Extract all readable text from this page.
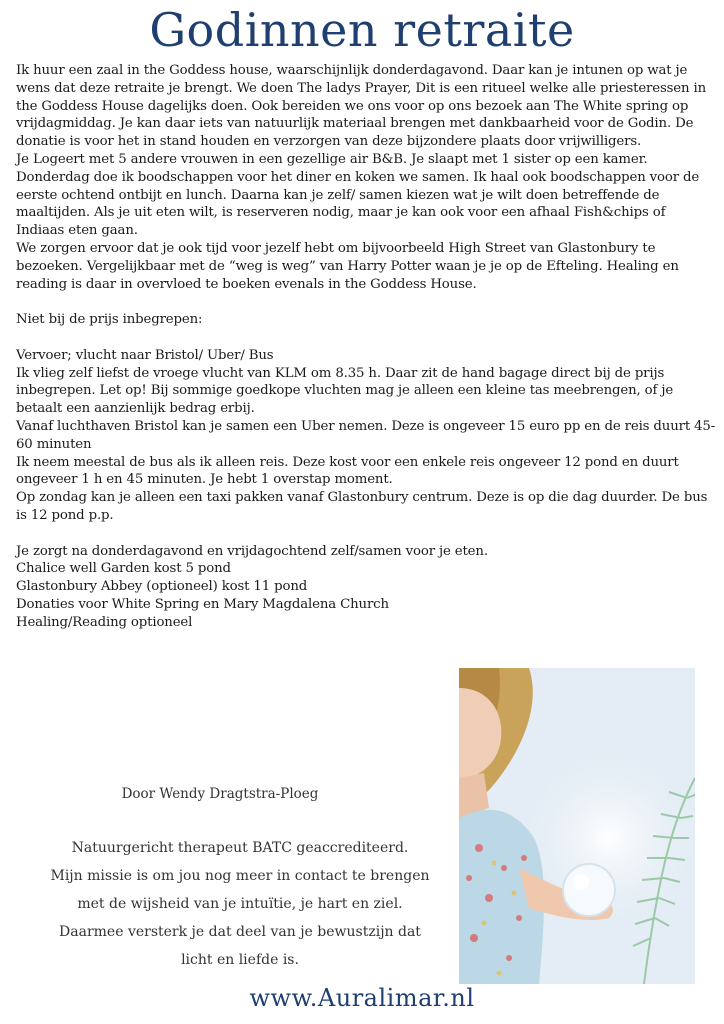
Godinnen retraite

Ik huur een zaal in the Goddess house, waarschijnlijk donderdagavond. Daar kan je intunen op wat je wens dat deze retraite je brengt. We doen The ladys Prayer, Dit is een ritueel welke alle priesteressen in the Goddess House dagelijks doen. Ook bereiden we ons voor op ons bezoek aan The White spring op vrijdagmiddag. Je kan daar iets van natuurlijk materiaal brengen met dankbaarheid voor de Godin. De donatie is voor het in stand houden en verzorgen van deze bijzondere plaats door vrijwilligers.

Je Logeert met 5 andere vrouwen in een gezellige air B&B. Je slaapt met 1 sister op een kamer. Donderdag doe ik boodschappen voor het diner en koken we samen. Ik haal ook boodschappen voor de eerste ochtend ontbijt en lunch. Daarna kan je zelf/ samen kiezen wat je wilt doen betreffende de maaltijden. Als je uit eten wilt, is reserveren nodig, maar je kan ook voor een afhaal Fish&chips of Indiaas eten gaan.

We zorgen ervoor dat je ook tijd voor jezelf hebt om bijvoorbeeld High Street van Glastonbury te bezoeken. Vergelijkbaar met de “weg is weg” van Harry Potter waan je je op de Efteling. Healing en reading is daar in overvloed te boeken evenals in the Goddess House.

Niet bij de prijs inbegrepen:

Vervoer; vlucht naar Bristol/ Uber/ Bus

Ik vlieg zelf liefst de vroege vlucht van KLM om 8.35 h. Daar zit de hand bagage direct bij de prijs inbegrepen. Let op! Bij sommige goedkope vluchten mag je alleen een kleine tas meebrengen, of je betaalt een aanzienlijk bedrag erbij.

Vanaf luchthaven Bristol kan je samen een Uber nemen. Deze is ongeveer 15 euro pp en de reis duurt 45-60 minuten

Ik neem meestal de bus als ik alleen reis. Deze kost voor een enkele reis ongeveer 12 pond en duurt ongeveer 1 h en 45 minuten. Je hebt 1 overstap moment.

Op zondag kan je alleen een taxi pakken vanaf Glastonbury centrum. Deze is op die dag duurder. De bus is 12 pond p.p.

Je zorgt na donderdagavond en vrijdagochtend zelf/samen voor je eten.

Chalice well Garden kost 5 pond

Glastonbury Abbey (optioneel) kost 11 pond

Donaties voor White Spring en Mary Magdalena Church

Healing/Reading optioneel

Door Wendy Dragtstra-Ploeg
Natuurgericht therapeut BATC geaccrediteerd.
Mijn missie is om jou nog meer in contact te brengen
met de wijsheid van je intuïtie, je hart en ziel.
Daarmee versterk je dat deel van je bewustzijn dat
licht en liefde is.
www.Auralimar.nl
